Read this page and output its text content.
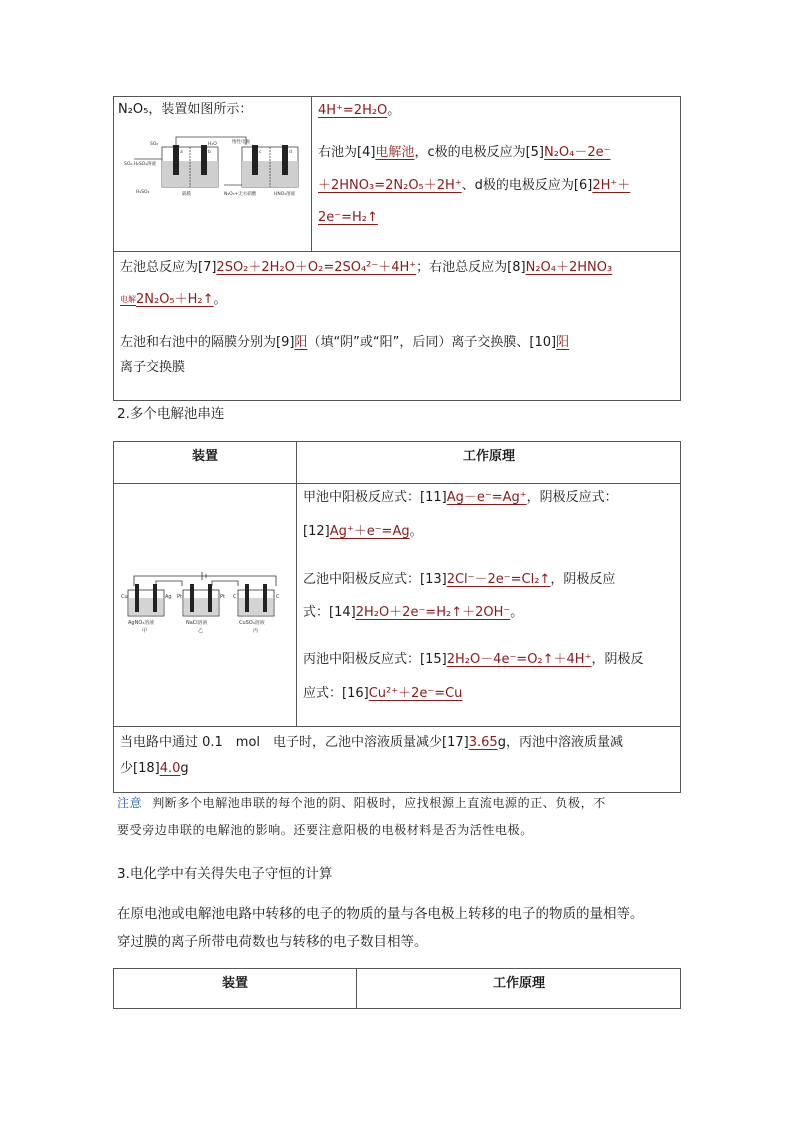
N₂O₅，装置如图所示：
SO₂	H₂O
SO₂,H₂SO₄溶液
H₂SO₄	隔膜	N₂O₅+无水硝酸
惰性电极
HNO₃溶液
a	b	c	d
4H⁺=2H₂O。
右池为[4]电解池，c极的电极反应为[5]N₂O₄－2e⁻
＋2HNO₃=2N₂O₅＋2H⁺、d极的电极反应为[6]2H⁺＋
2e⁻=H₂↑
左池总反应为[7]2SO₂＋2H₂O＋O₂=2SO₄²⁻＋4H⁺；右池总反应为[8]N₂O₄＋2HNO₃
$^{电解}$2N₂O₅＋H₂↑。
左池和右池中的隔膜分别为[9]阳（填“阴”或“阳”，后同）离子交换膜、[10]阳
离子交换膜
2.多个电解池串连
装置	工作原理
Cu	Ag Pt	Pt C	C
AgNO₃溶液
甲
NaCl溶液
乙
CuSO₄溶液
丙
甲池中阳极反应式：[11]Ag－e⁻=Ag⁺，阴极反应式：
[12]Ag⁺＋e⁻=Ag。
乙池中阳极反应式：[13]2Cl⁻－2e⁻=Cl₂↑，阴极反应
式：[14]2H₂O＋2e⁻=H₂↑＋2OH⁻。
丙池中阳极反应式：[15]2H₂O－4e⁻=O₂↑＋4H⁺，阴极反
应式：[16]Cu²⁺＋2e⁻=Cu
当电路中通过 0.1　mol　电子时，乙池中溶液质量减少[17]3.65g，丙池中溶液质量减
少[18]4.0g
注意 判断多个电解池串联的每个池的阴、阳极时，应找根源上直流电源的正、负极，不
要受旁边串联的电解池的影响。还要注意阳极的电极材料是否为活性电极。
3.电化学中有关得失电子守恒的计算
在原电池或电解池电路中转移的电子的物质的量与各电极上转移的电子的物质的量相等。
穿过膜的离子所带电荷数也与转移的电子数目相等。
装置	工作原理
